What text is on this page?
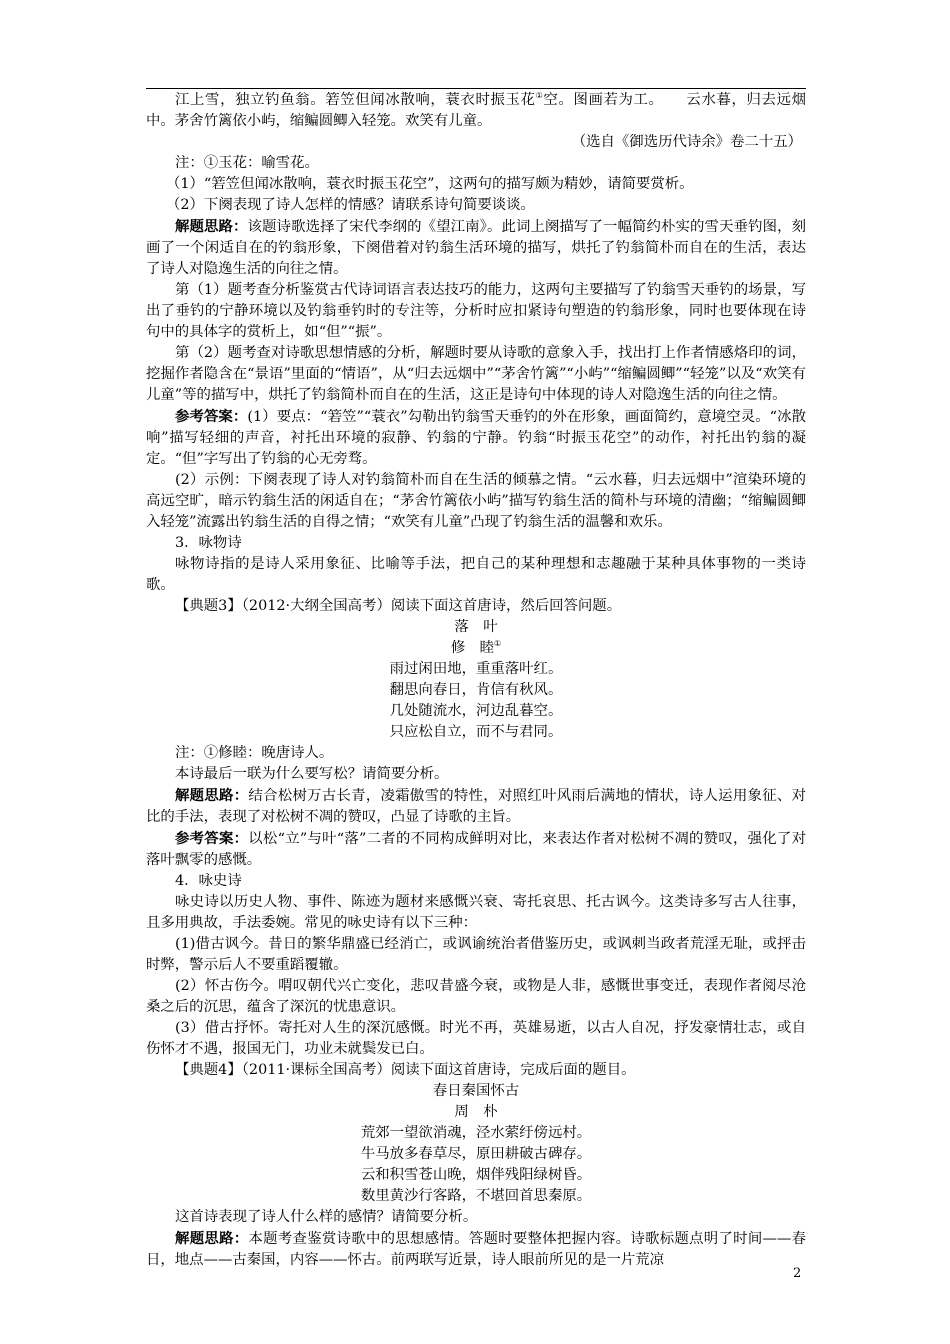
江上雪，独立钓鱼翁。箬笠但闻冰散响，蓑衣时振玉花①空。图画若为工。　　云水暮，归去远烟中。茅舍竹篱依小屿，缩鳊圆鲫入轻笼。欢笑有儿童。

（选自《御选历代诗余》卷二十五）

注：①玉花：喻雪花。

（1）“箬笠但闻冰散响，蓑衣时振玉花空”，这两句的描写颇为精妙，请简要赏析。

（2）下阕表现了诗人怎样的情感？请联系诗句简要谈谈。

解题思路：该题诗歌选择了宋代李纲的《望江南》。此词上阕描写了一幅简约朴实的雪天垂钓图，刻画了一个闲适自在的钓翁形象，下阕借着对钓翁生活环境的描写，烘托了钓翁简朴而自在的生活，表达了诗人对隐逸生活的向往之情。

第（1）题考查分析鉴赏古代诗词语言表达技巧的能力，这两句主要描写了钓翁雪天垂钓的场景，写出了垂钓的宁静环境以及钓翁垂钓时的专注等，分析时应扣紧诗句塑造的钓翁形象，同时也要体现在诗句中的具体字的赏析上，如“但”“振”。

第（2）题考查对诗歌思想情感的分析，解题时要从诗歌的意象入手，找出打上作者情感烙印的词，挖掘作者隐含在“景语”里面的“情语”，从“归去远烟中”“茅舍竹篱”“小屿”“缩鳊圆鲫”“轻笼”以及“欢笑有儿童”等的描写中，烘托了钓翁简朴而自在的生活，这正是诗句中体现的诗人对隐逸生活的向往之情。

参考答案：(1）要点：“箬笠”“蓑衣”勾勒出钓翁雪天垂钓的外在形象，画面简约，意境空灵。“冰散响”描写轻细的声音，衬托出环境的寂静、钓翁的宁静。钓翁“时振玉花空”的动作，衬托出钓翁的凝定。“但”字写出了钓翁的心无旁骛。

(2）示例：下阕表现了诗人对钓翁简朴而自在生活的倾慕之情。“云水暮，归去远烟中”渲染环境的高远空旷，暗示钓翁生活的闲适自在；“茅舍竹篱依小屿”描写钓翁生活的简朴与环境的清幽；“缩鳊圆鲫入轻笼”流露出钓翁生活的自得之情；“欢笑有儿童”凸现了钓翁生活的温馨和欢乐。

3．咏物诗

咏物诗指的是诗人采用象征、比喻等手法，把自己的某种理想和志趣融于某种具体事物的一类诗歌。

【典题3】（2012·大纲全国高考）阅读下面这首唐诗，然后回答问题。

落　叶

修　睦①

雨过闲田地，重重落叶红。

翻思向春日，肯信有秋风。

几处随流水，河边乱暮空。

只应松自立，而不与君同。

注：①修睦：晚唐诗人。

本诗最后一联为什么要写松？请简要分析。

解题思路：结合松树万古长青，凌霜傲雪的特性，对照红叶风雨后满地的情状，诗人运用象征、对比的手法，表现了对松树不凋的赞叹，凸显了诗歌的主旨。

参考答案：以松“立”与叶“落”二者的不同构成鲜明对比，来表达作者对松树不凋的赞叹，强化了对落叶飘零的感慨。

4．咏史诗

咏史诗以历史人物、事件、陈迹为题材来感慨兴衰、寄托哀思、托古讽今。这类诗多写古人往事，且多用典故，手法委婉。常见的咏史诗有以下三种：

(1)借古讽今。昔日的繁华鼎盛已经消亡，或讽谕统治者借鉴历史，或讽刺当政者荒淫无耻，或抨击时弊，警示后人不要重蹈覆辙。

(2）怀古伤今。喟叹朝代兴亡变化，悲叹昔盛今衰，或物是人非，感慨世事变迁，表现作者阅尽沧桑之后的沉思，蕴含了深沉的忧患意识。

(3）借古抒怀。寄托对人生的深沉感慨。时光不再，英雄易逝，以古人自况，抒发豪情壮志，或自伤怀才不遇，报国无门，功业未就鬓发已白。

【典题4】（2011·课标全国高考）阅读下面这首唐诗，完成后面的题目。

春日秦国怀古

周　朴

荒郊一望欲消魂，泾水萦纡傍远村。

牛马放多春草尽，原田耕破古碑存。

云和积雪苍山晚，烟伴残阳绿树昏。

数里黄沙行客路，不堪回首思秦原。

这首诗表现了诗人什么样的感情？请简要分析。

解题思路：本题考查鉴赏诗歌中的思想感情。答题时要整体把握内容。诗歌标题点明了时间——春日，地点——古秦国，内容——怀古。前两联写近景，诗人眼前所见的是一片荒凉

2
